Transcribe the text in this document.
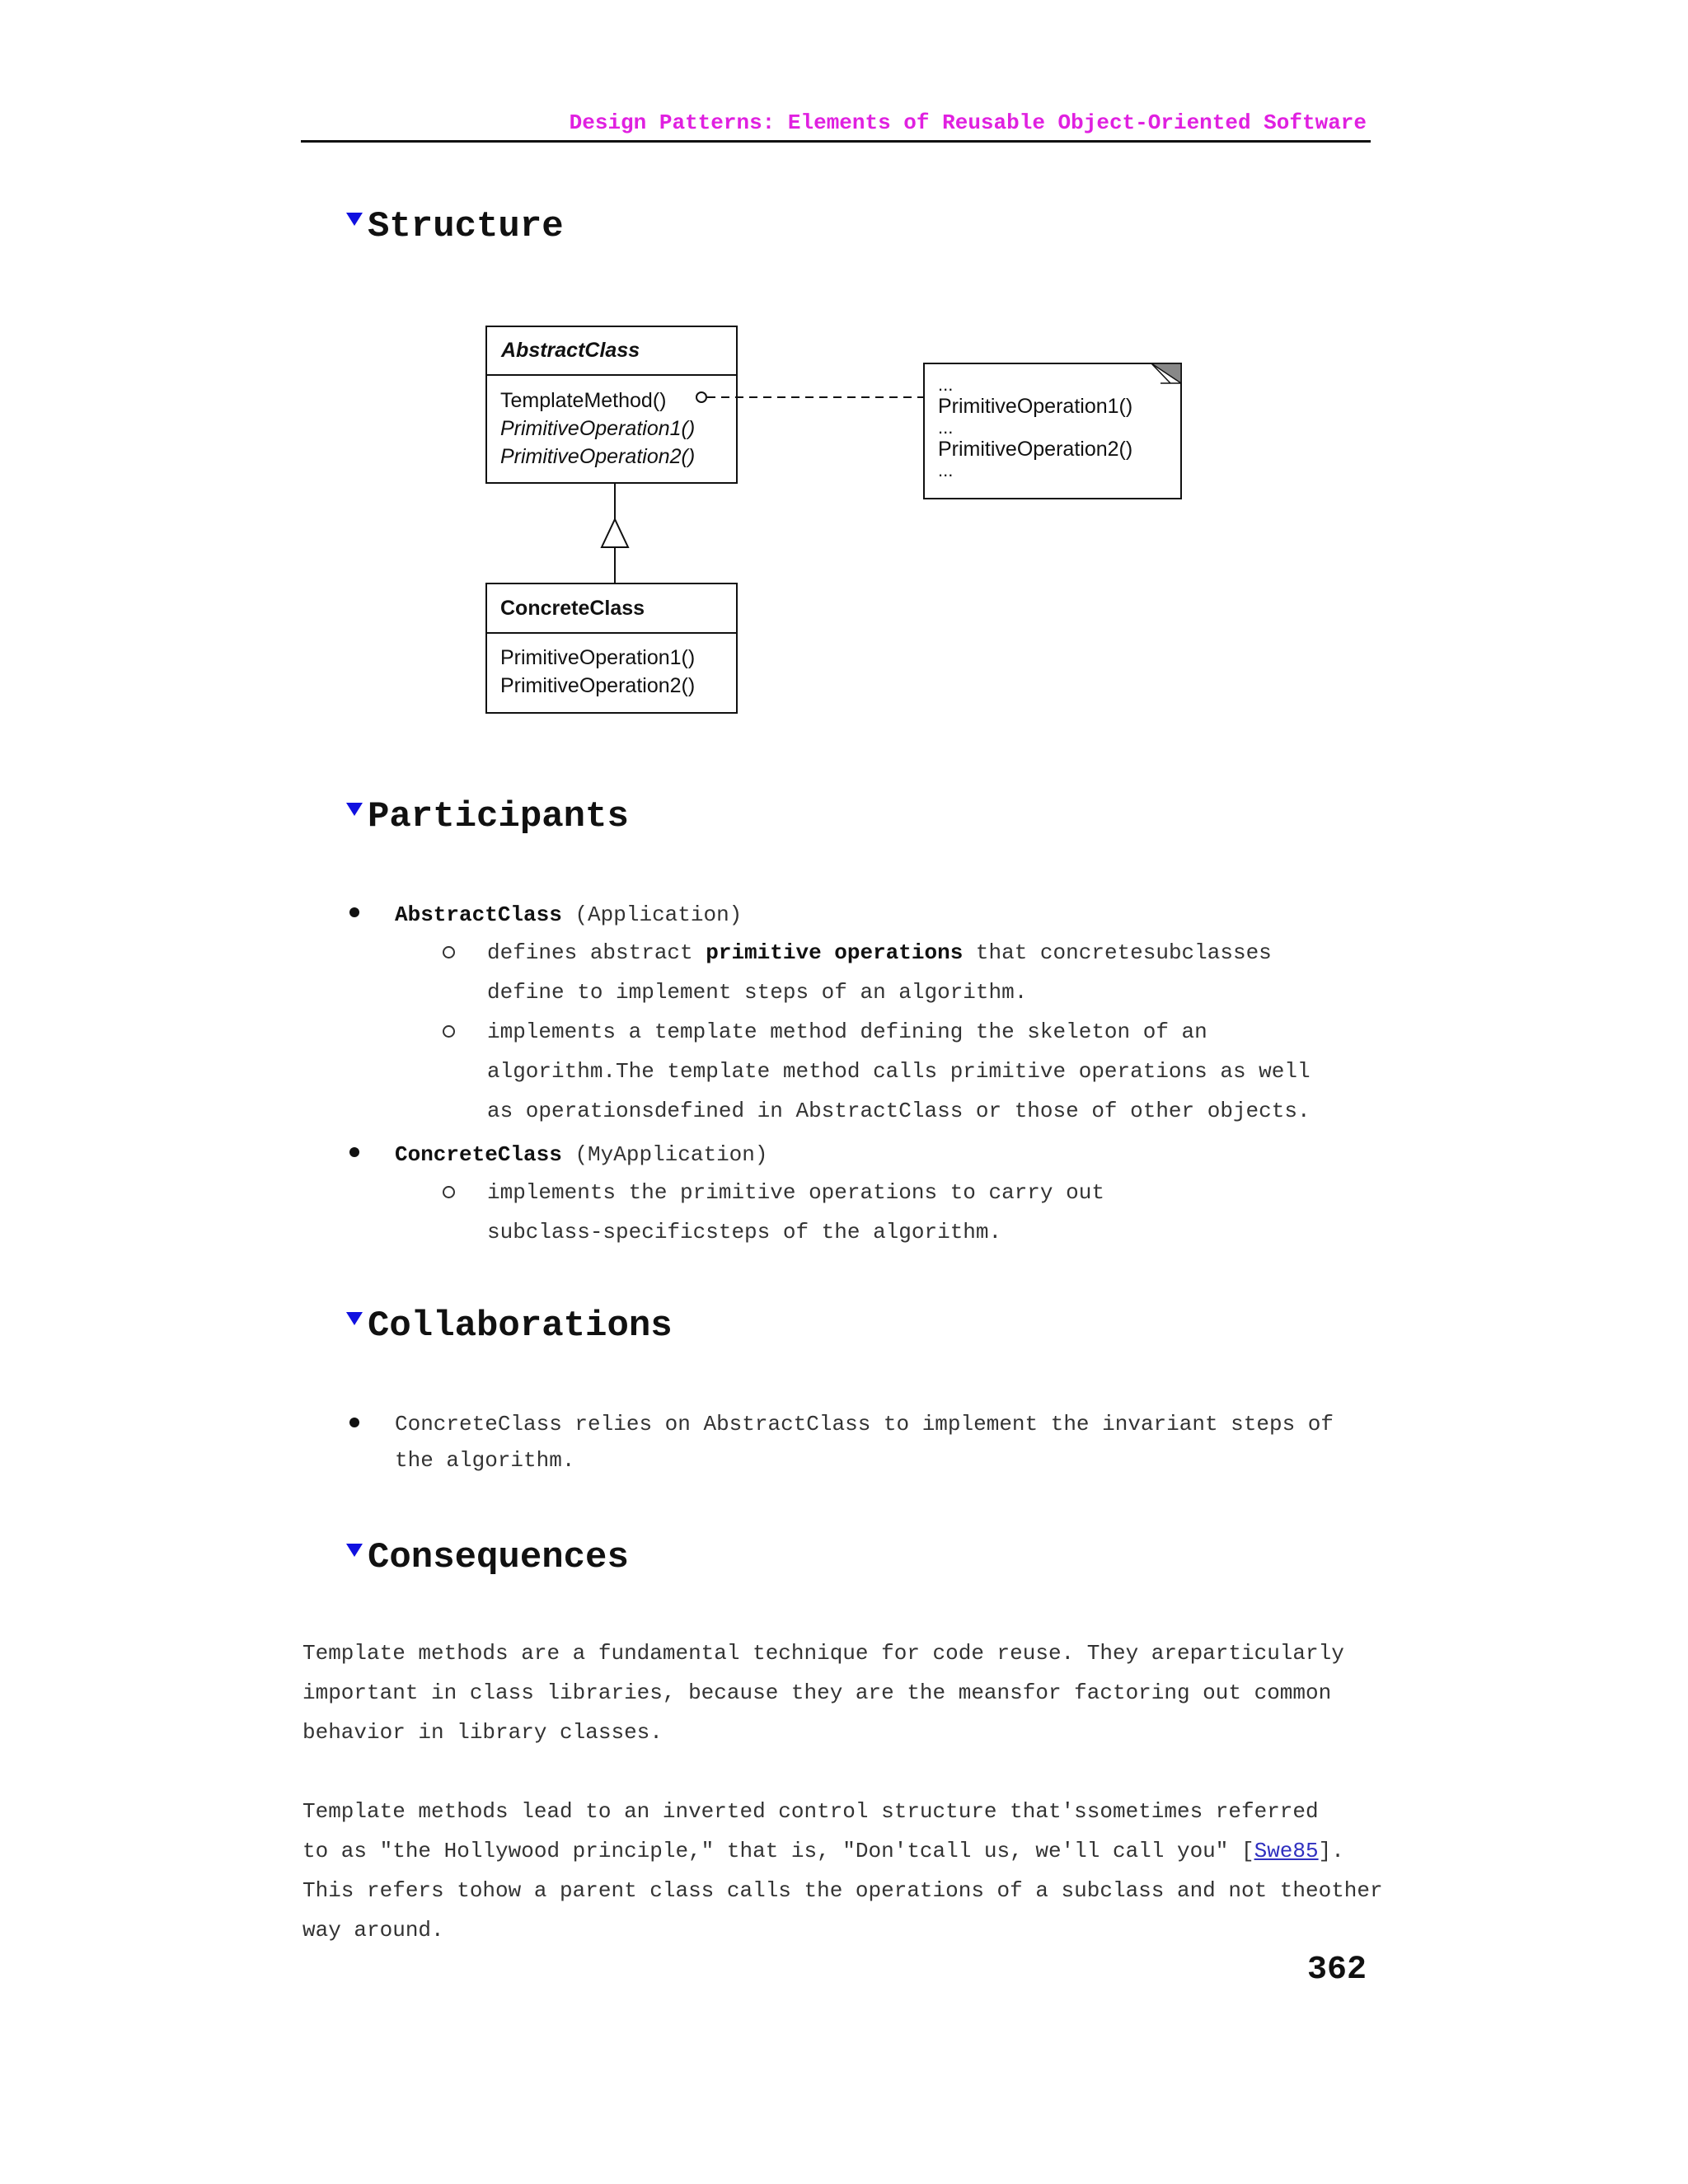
Design Patterns: Elements of Reusable Object-Oriented Software
Structure
AbstractClass
TemplateMethod()
PrimitiveOperation1()
PrimitiveOperation2()
...
PrimitiveOperation1()
...
PrimitiveOperation2()
...
ConcreteClass
PrimitiveOperation1()
PrimitiveOperation2()
Participants
AbstractClass (Application)
defines abstract primitive operations that concretesubclasses
define to implement steps of an algorithm.
implements a template method defining the skeleton of an
algorithm.The template method calls primitive operations as well
as operationsdefined in AbstractClass or those of other objects.
ConcreteClass (MyApplication)
implements the primitive operations to carry out
subclass-specificsteps of the algorithm.
Collaborations
ConcreteClass relies on AbstractClass to implement the invariant steps of
the algorithm.
Consequences
Template methods are a fundamental technique for code reuse. They areparticularly
important in class libraries, because they are the meansfor factoring out common
behavior in library classes.
Template methods lead to an inverted control structure that'ssometimes referred
to as "the Hollywood principle," that is, "Don'tcall us, we'll call you" [Swe85].
This refers tohow a parent class calls the operations of a subclass and not theother
way around.
362
